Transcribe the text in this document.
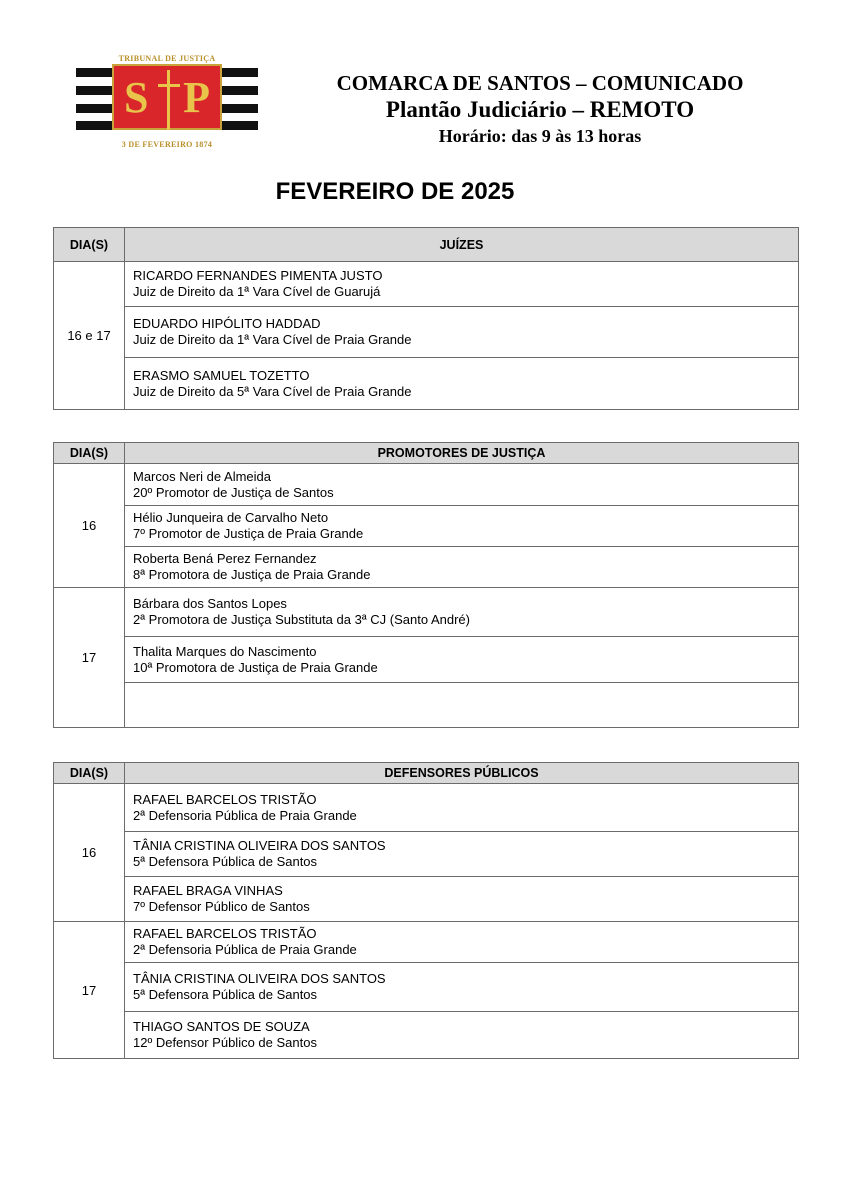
TRIBUNAL DE JUSTIÇA
S P
3 DE FEVEREIRO 1874
COMARCA DE SANTOS – COMUNICADO
Plantão Judiciário – REMOTO
Horário: das 9 às 13 horas
FEVEREIRO DE 2025
DIA(S)	JUÍZES
16 e 17	RICARDO FERNANDES PIMENTA JUSTO
Juiz de Direito da 1ª Vara Cível de Guarujá

	EDUARDO HIPÓLITO HADDAD
Juiz de Direito da 1ª Vara Cível de Praia Grande

	ERASMO SAMUEL TOZETTO
Juiz de Direito da 5ª Vara Cível de Praia Grande
DIA(S)	PROMOTORES DE JUSTIÇA
16	Marcos Neri de Almeida
20º Promotor de Justiça de Santos

	Hélio Junqueira de Carvalho Neto
7º Promotor de Justiça de Praia Grande

	Roberta Bená Perez Fernandez
8ª Promotora de Justiça de Praia Grande

17	Bárbara dos Santos Lopes
2ª Promotora de Justiça Substituta da 3ª CJ (Santo André)

	Thalita Marques do Nascimento
10ª Promotora de Justiça de Praia Grande

DIA(S)	DEFENSORES PÚBLICOS
16	RAFAEL BARCELOS TRISTÃO
2ª Defensoria Pública de Praia Grande

	TÂNIA CRISTINA OLIVEIRA DOS SANTOS
5ª Defensora Pública de Santos

	RAFAEL BRAGA VINHAS
7º Defensor Público de Santos

17	RAFAEL BARCELOS TRISTÃO
2ª Defensoria Pública de Praia Grande

	TÂNIA CRISTINA OLIVEIRA DOS SANTOS
5ª Defensora Pública de Santos

	THIAGO SANTOS DE SOUZA
12º Defensor Público de Santos
